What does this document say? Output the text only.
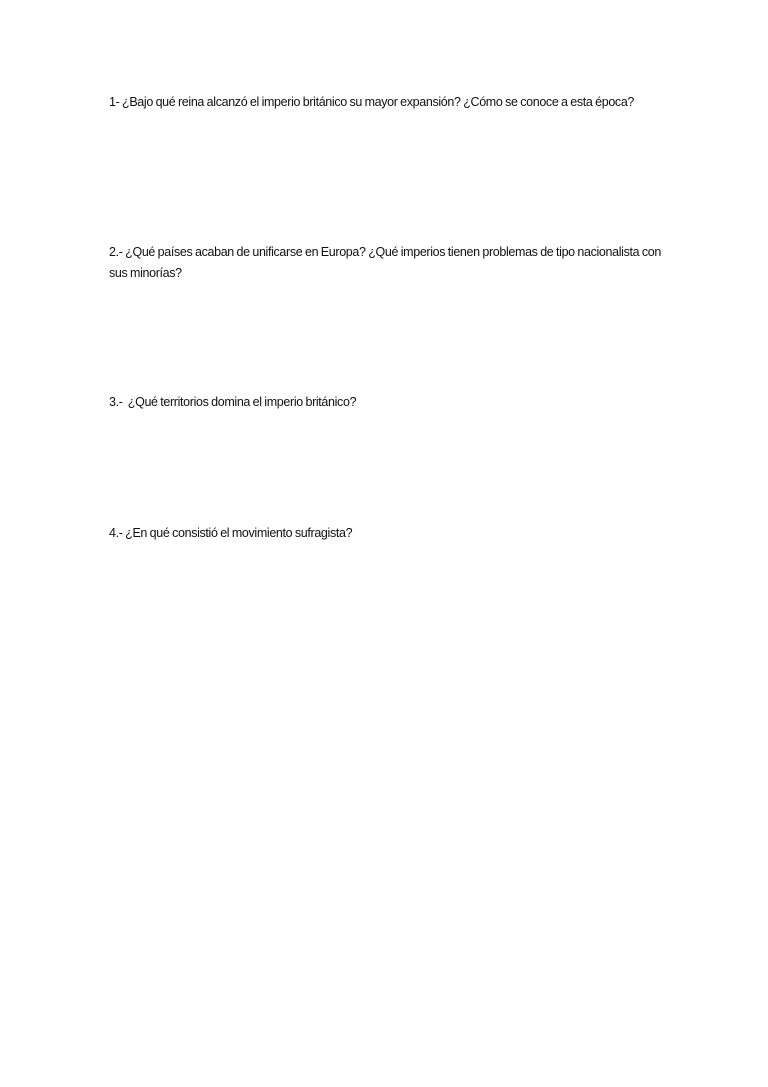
1- ¿Bajo qué reina alcanzó el imperio británico su mayor expansión? ¿Cómo se conoce a esta época?
2.- ¿Qué países acaban de unificarse en Europa? ¿Qué imperios tienen problemas de tipo nacionalista con sus minorías?
3.-  ¿Qué territorios domina el imperio británico?
4.- ¿En qué consistió el movimiento sufragista?
